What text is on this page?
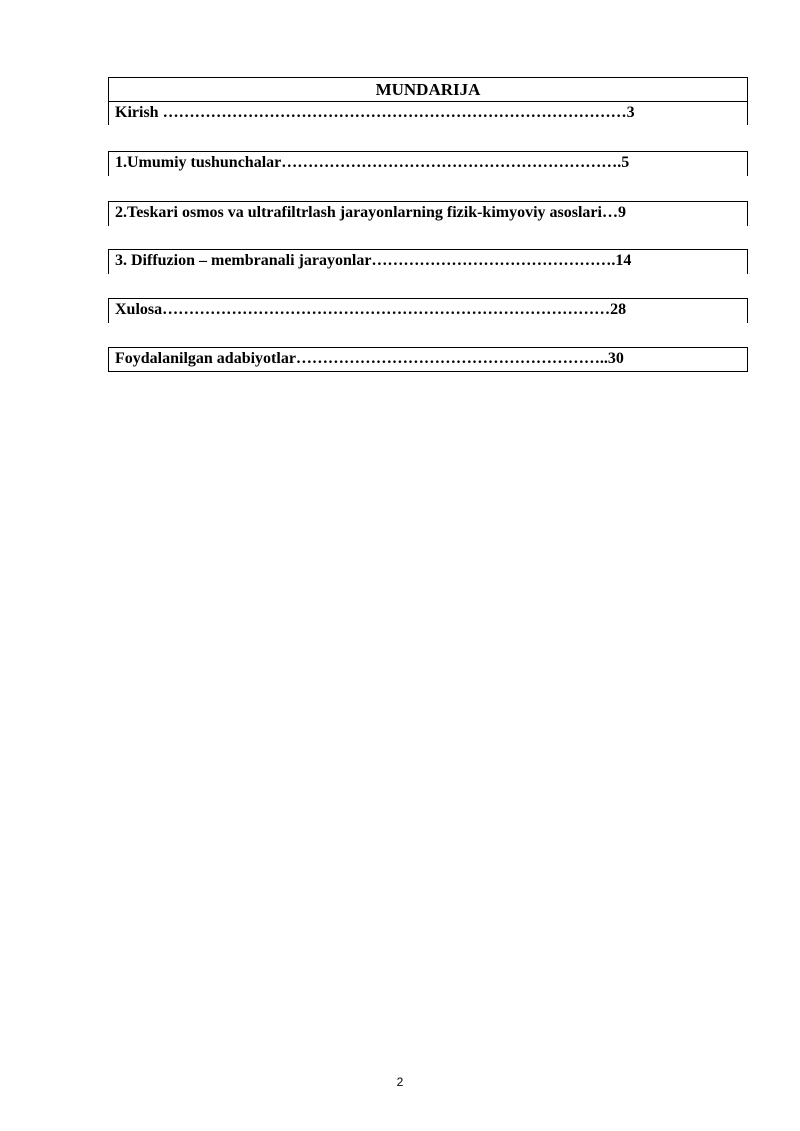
MUNDARIJA
Kirish ……………………………………………………………………………3
1.Umumiy tushunchalar……………………………………………………….5
2.Teskari osmos va ultrafiltrlash jarayonlarning fizik-kimyoviy asoslari…9
3. Diffuzion – membranali jarayonlar……………………………………….14
Xulosa…………………………………………………………………………28
Foydalanilgan adabiyotlar…………………………………………………..30
2
